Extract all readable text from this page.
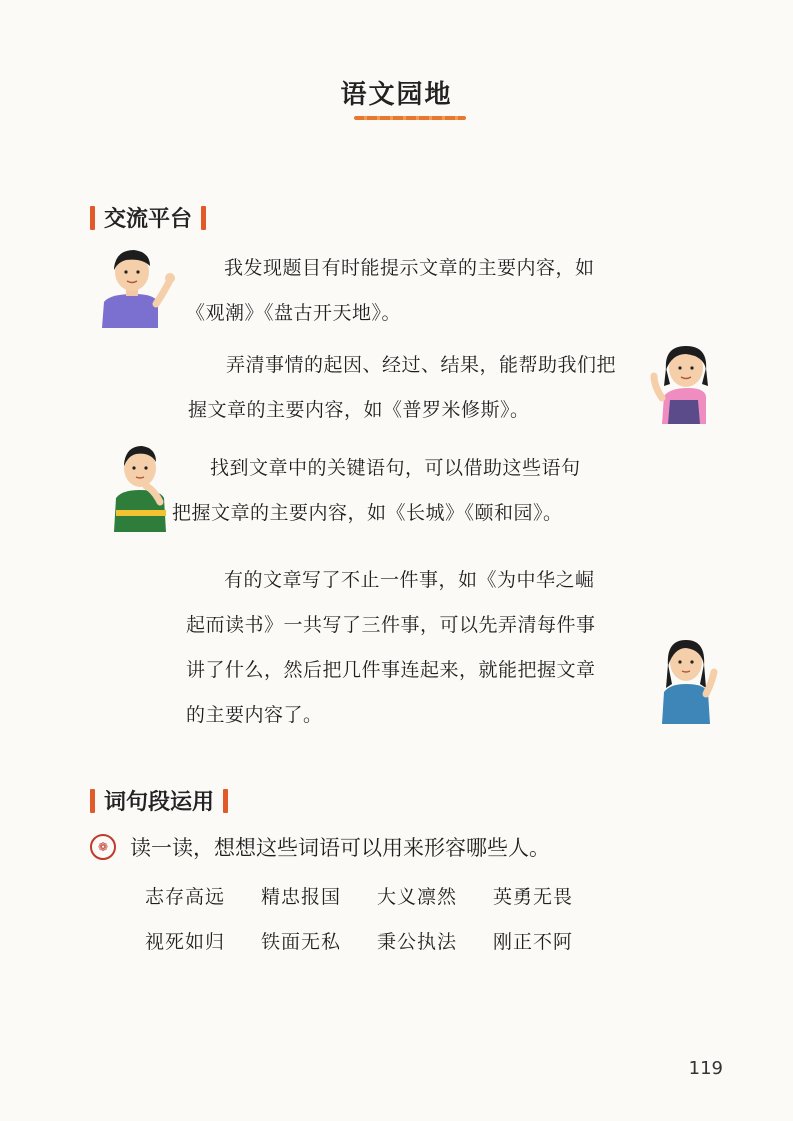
语文园地
交流平台

我发现题目有时能提示文章的主要内容，如
《观潮》《盘古开天地》。

弄清事情的起因、经过、结果，能帮助我们把
握文章的主要内容，如《普罗米修斯》。

找到文章中的关键语句，可以借助这些语句
把握文章的主要内容，如《长城》《颐和园》。

有的文章写了不止一件事，如《为中华之崛
起而读书》一共写了三件事，可以先弄清每件事
讲了什么，然后把几件事连起来，就能把握文章
的主要内容了。

词句段运用
❁	读一读，想想这些词语可以用来形容哪些人。
志存高远	精忠报国	大义凛然	英勇无畏
视死如归	铁面无私	秉公执法	刚正不阿
119
